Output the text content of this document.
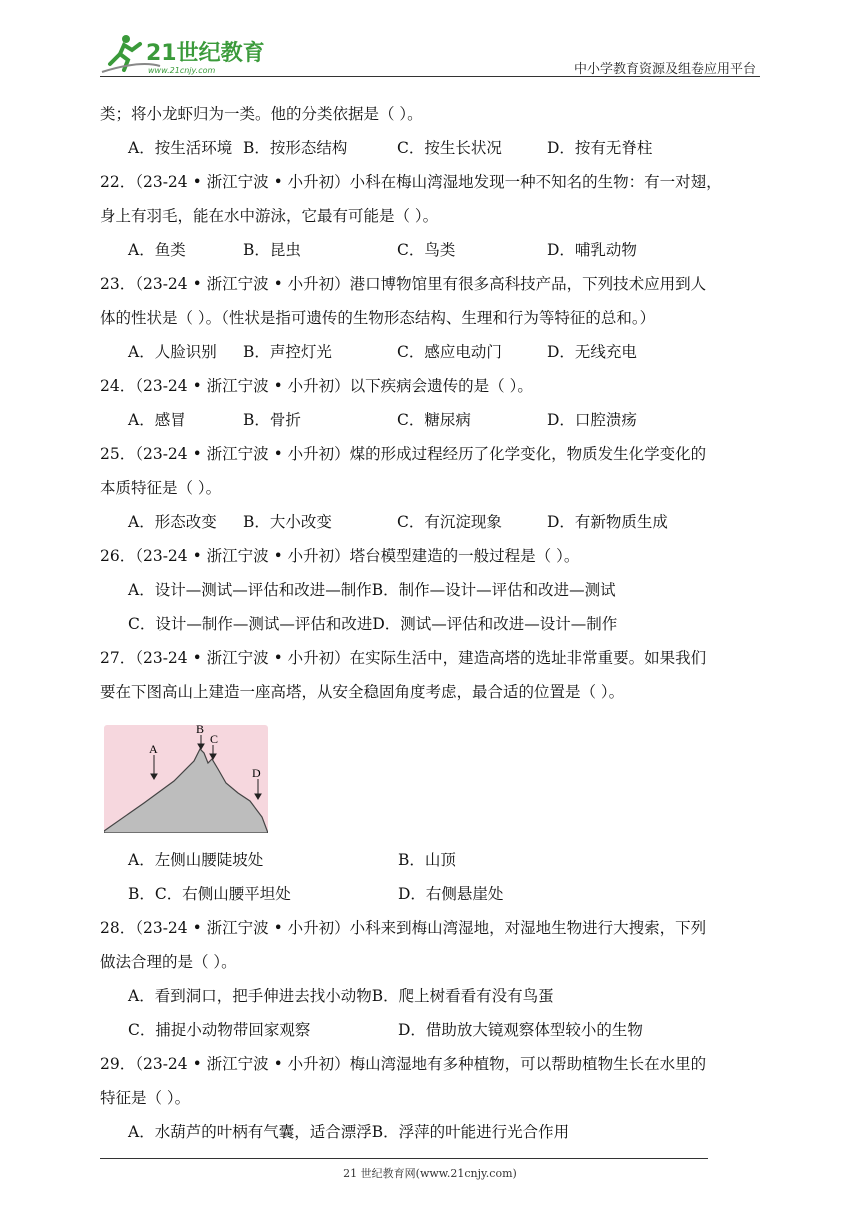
21世纪教育
www.21cnjy.com	中小学教育资源及组卷应用平台
类；将小龙虾归为一类。他的分类依据是（ ）。
A．按生活环境 B．按形态结构	C．按生长状况	D．按有无脊柱
22．（23-24 • 浙江宁波 • 小升初）小科在梅山湾湿地发现一种不知名的生物：有一对翅，
身上有羽毛，能在水中游泳，它最有可能是（ ）。
A．鱼类	B．昆虫	C．鸟类	D．哺乳动物
23．（23-24 • 浙江宁波 • 小升初）港口博物馆里有很多高科技产品，下列技术应用到人
体的性状是（ ）。（性状是指可遗传的生物形态结构、生理和行为等特征的总和。）
A．人脸识别	B．声控灯光	C．感应电动门	D．无线充电
24．（23-24 • 浙江宁波 • 小升初）以下疾病会遗传的是（ ）。
A．感冒	B．骨折	C．糖尿病	D．口腔溃疡
25．（23-24 • 浙江宁波 • 小升初）煤的形成过程经历了化学变化，物质发生化学变化的
本质特征是（ ）。
A．形态改变	B．大小改变	C．有沉淀现象	D．有新物质生成
26．（23-24 • 浙江宁波 • 小升初）塔台模型建造的一般过程是（ ）。
A．设计—测试—评估和改进—制作B．制作—设计—评估和改进—测试
C．设计—制作—测试—评估和改进D．测试—评估和改进—设计—制作
27．（23-24 • 浙江宁波 • 小升初）在实际生活中，建造高塔的选址非常重要。如果我们
要在下图高山上建造一座高塔，从安全稳固角度考虑，最合适的位置是（ ）。
A
B
C
D
A．左侧山腰陡坡处	B．山顶
B．C．右侧山腰平坦处	D．右侧悬崖处
28．（23-24 • 浙江宁波 • 小升初）小科来到梅山湾湿地，对湿地生物进行大搜索，下列
做法合理的是（ ）。
A．看到洞口，把手伸进去找小动物 B．爬上树看看有没有鸟蛋
C．捕捉小动物带回家观察	D．借助放大镜观察体型较小的生物
29．（23-24 • 浙江宁波 • 小升初）梅山湾湿地有多种植物，可以帮助植物生长在水里的
特征是（ ）。
A．水葫芦的叶柄有气囊，适合漂浮B．浮萍的叶能进行光合作用
21 世纪教育网(www.21cnjy.com)
